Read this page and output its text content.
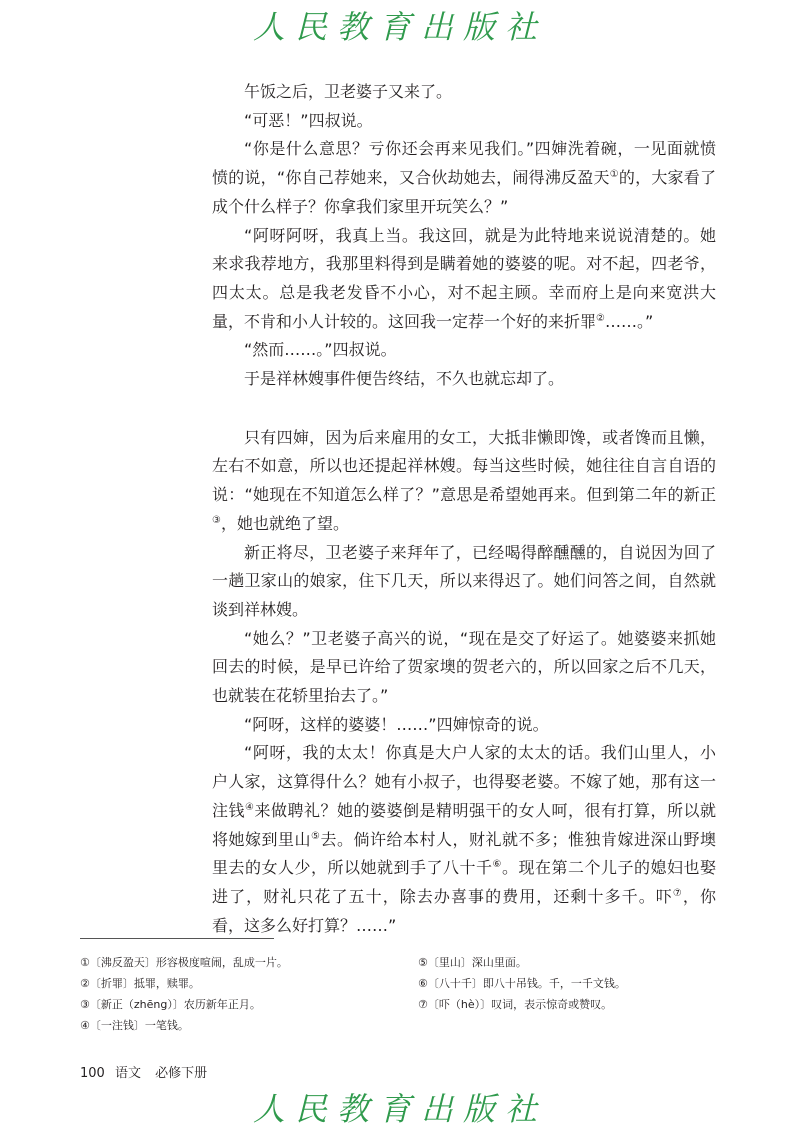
人民教育出版社

午饭之后，卫老婆子又来了。

“可恶！”四叔说。

“你是什么意思？亏你还会再来见我们。”四婶洗着碗，一见面就愤愤的说，“你自己荐她来，又合伙劫她去，闹得沸反盈天①的，大家看了成个什么样子？你拿我们家里开玩笑么？”

“阿呀阿呀，我真上当。我这回，就是为此特地来说说清楚的。她来求我荐地方，我那里料得到是瞒着她的婆婆的呢。对不起，四老爷，四太太。总是我老发昏不小心，对不起主顾。幸而府上是向来宽洪大量，不肯和小人计较的。这回我一定荐一个好的来折罪②……。”

“然而……。”四叔说。

于是祥林嫂事件便告终结，不久也就忘却了。

只有四婶，因为后来雇用的女工，大抵非懒即馋，或者馋而且懒，左右不如意，所以也还提起祥林嫂。每当这些时候，她往往自言自语的说：“她现在不知道怎么样了？”意思是希望她再来。但到第二年的新正③，她也就绝了望。

新正将尽，卫老婆子来拜年了，已经喝得醉醺醺的，自说因为回了一趟卫家山的娘家，住下几天，所以来得迟了。她们问答之间，自然就谈到祥林嫂。

“她么？”卫老婆子高兴的说，“现在是交了好运了。她婆婆来抓她回去的时候，是早已许给了贺家墺的贺老六的，所以回家之后不几天，也就装在花轿里抬去了。”

“阿呀，这样的婆婆！……”四婶惊奇的说。

“阿呀，我的太太！你真是大户人家的太太的话。我们山里人，小户人家，这算得什么？她有小叔子，也得娶老婆。不嫁了她，那有这一注钱④来做聘礼？她的婆婆倒是精明强干的女人呵，很有打算，所以就将她嫁到里山⑤去。倘许给本村人，财礼就不多；惟独肯嫁进深山野墺里去的女人少，所以她就到手了八十千⑥。现在第二个儿子的媳妇也娶进了，财礼只花了五十，除去办喜事的费用，还剩十多千。吓⑦，你看，这多么好打算？……”

①〔沸反盈天〕形容极度喧闹，乱成一片。
②〔折罪〕抵罪，赎罪。
③〔新正（zhēng）〕农历新年正月。
④〔一注钱〕一笔钱。
⑤〔里山〕深山里面。
⑥〔八十千〕即八十吊钱。千，一千文钱。
⑦〔吓（hè）〕叹词，表示惊奇或赞叹。
100 语文 必修下册
人民教育出版社
